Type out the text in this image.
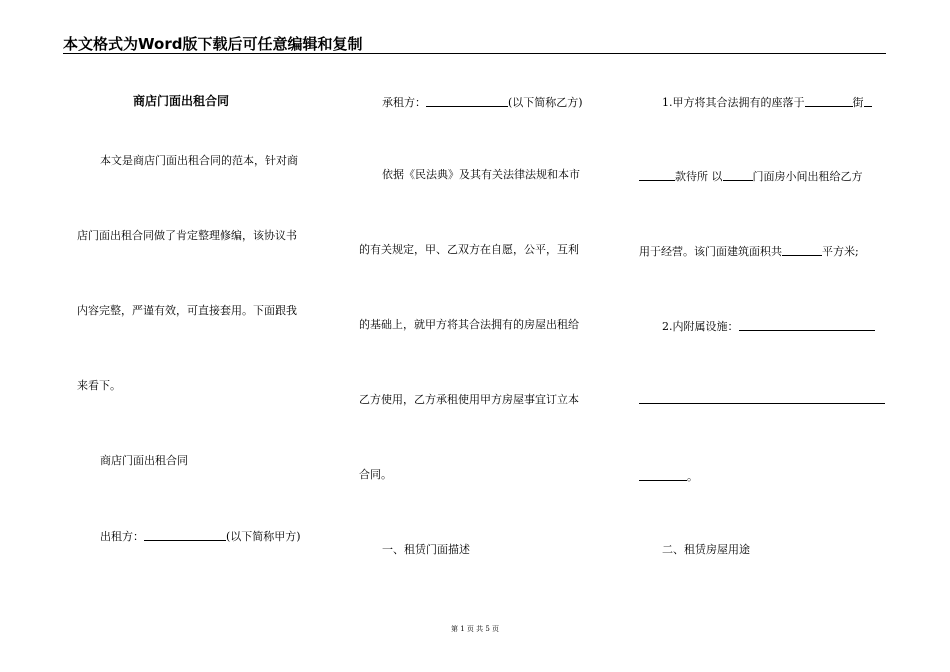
本文格式为Word版下载后可任意编辑和复制
商店门面出租合同
本文是商店门面出租合同的范本，针对商
店门面出租合同做了肯定整理修编，该协议书
内容完整，严谨有效，可直接套用。下面跟我
来看下。
商店门面出租合同
出租方：	(以下简称甲方)
承租方：	(以下简称乙方)
依据《民法典》及其有关法律法规和本市
的有关规定，甲、乙双方在自愿，公平，互利
的基础上，就甲方将其合法拥有的房屋出租给
乙方使用，乙方承租使用甲方房屋事宜订立本
合同。
一、租赁门面描述
1.甲方将其合法拥有的座落于	街
款待所 以	门面房小间出租给乙方
用于经营。该门面建筑面积共	平方米;
2.内附属设施：
。
二、租赁房屋用途
第 1 页 共 5 页
